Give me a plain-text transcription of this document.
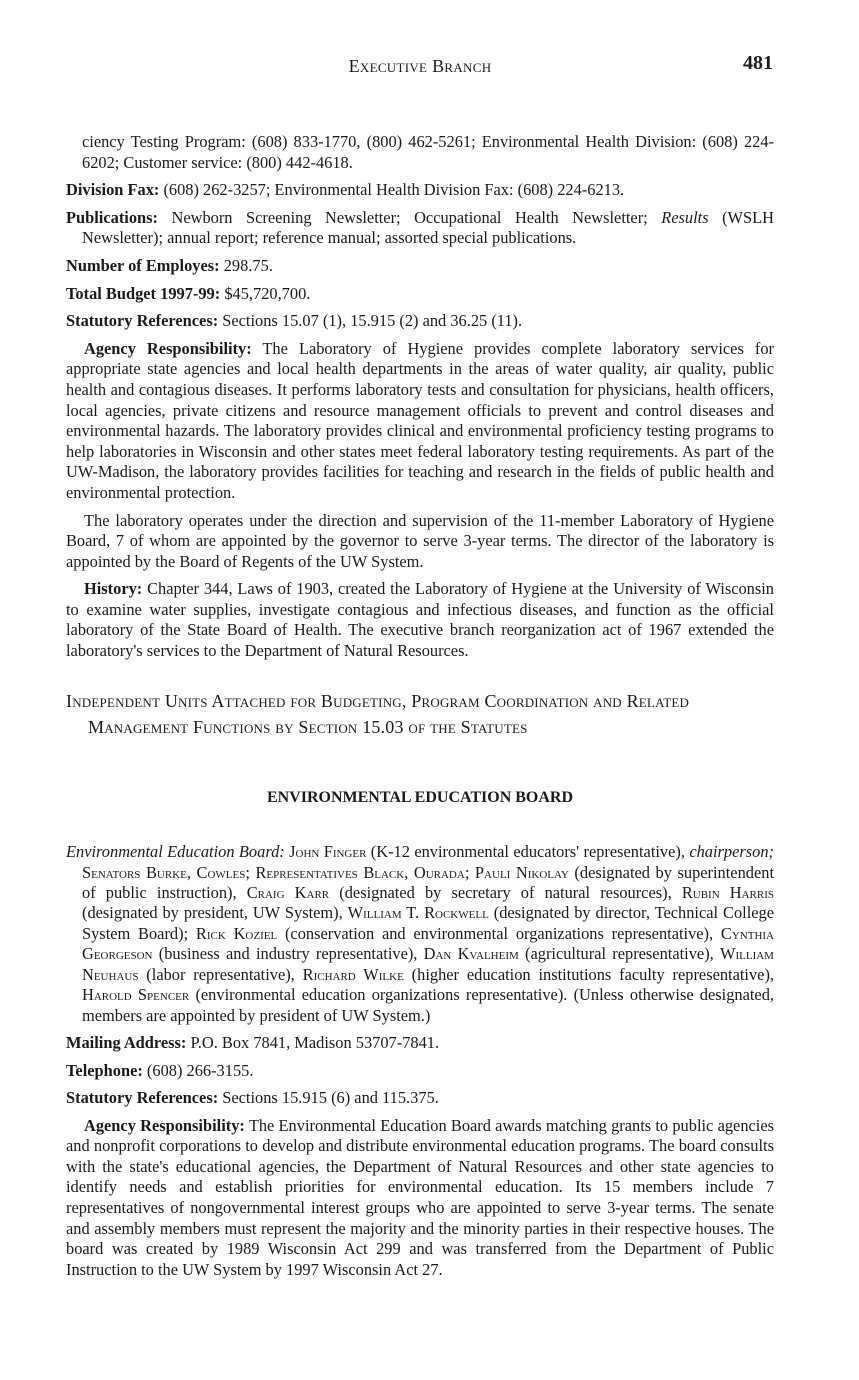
Executive Branch	481

ciency Testing Program: (608) 833-1770, (800) 462-5261; Environmental Health Division: (608) 224-6202; Customer service: (800) 442-4618.

Division Fax: (608) 262-3257; Environmental Health Division Fax: (608) 224-6213.

Publications: Newborn Screening Newsletter; Occupational Health Newsletter; Results (WSLH Newsletter); annual report; reference manual; assorted special publications.

Number of Employes: 298.75.

Total Budget 1997-99: $45,720,700.

Statutory References: Sections 15.07 (1), 15.915 (2) and 36.25 (11).

Agency Responsibility: The Laboratory of Hygiene provides complete laboratory services for appropriate state agencies and local health departments in the areas of water quality, air quality, public health and contagious diseases. It performs laboratory tests and consultation for physicians, health officers, local agencies, private citizens and resource management officials to prevent and control diseases and environmental hazards. The laboratory provides clinical and environmental proficiency testing programs to help laboratories in Wisconsin and other states meet federal laboratory testing requirements. As part of the UW-Madison, the laboratory provides facilities for teaching and research in the fields of public health and environmental protection.

The laboratory operates under the direction and supervision of the 11-member Laboratory of Hygiene Board, 7 of whom are appointed by the governor to serve 3-year terms. The director of the laboratory is appointed by the Board of Regents of the UW System.

History: Chapter 344, Laws of 1903, created the Laboratory of Hygiene at the University of Wisconsin to examine water supplies, investigate contagious and infectious diseases, and function as the official laboratory of the State Board of Health. The executive branch reorganization act of 1967 extended the laboratory's services to the Department of Natural Resources.

Independent Units Attached for Budgeting, Program Coordination and Related Management Functions by Section 15.03 of the Statutes
ENVIRONMENTAL EDUCATION BOARD

Environmental Education Board: John Finger (K-12 environmental educators' representative), chairperson; Senators Burke, Cowles; Representatives Black, Ourada; Pauli Nikolay (designated by superintendent of public instruction), Craig Karr (designated by secretary of natural resources), Rubin Harris (designated by president, UW System), William T. Rockwell (designated by director, Technical College System Board); Rick Koziel (conservation and environmental organizations representative), Cynthia Georgeson (business and industry representative), Dan Kvalheim (agricultural representative), William Neuhaus (labor representative), Richard Wilke (higher education institutions faculty representative), Harold Spencer (environmental education organizations representative). (Unless otherwise designated, members are appointed by president of UW System.)

Mailing Address: P.O. Box 7841, Madison 53707-7841.

Telephone: (608) 266-3155.

Statutory References: Sections 15.915 (6) and 115.375.

Agency Responsibility: The Environmental Education Board awards matching grants to public agencies and nonprofit corporations to develop and distribute environmental education programs. The board consults with the state's educational agencies, the Department of Natural Resources and other state agencies to identify needs and establish priorities for environmental education. Its 15 members include 7 representatives of nongovernmental interest groups who are appointed to serve 3-year terms. The senate and assembly members must represent the majority and the minority parties in their respective houses. The board was created by 1989 Wisconsin Act 299 and was transferred from the Department of Public Instruction to the UW System by 1997 Wisconsin Act 27.
